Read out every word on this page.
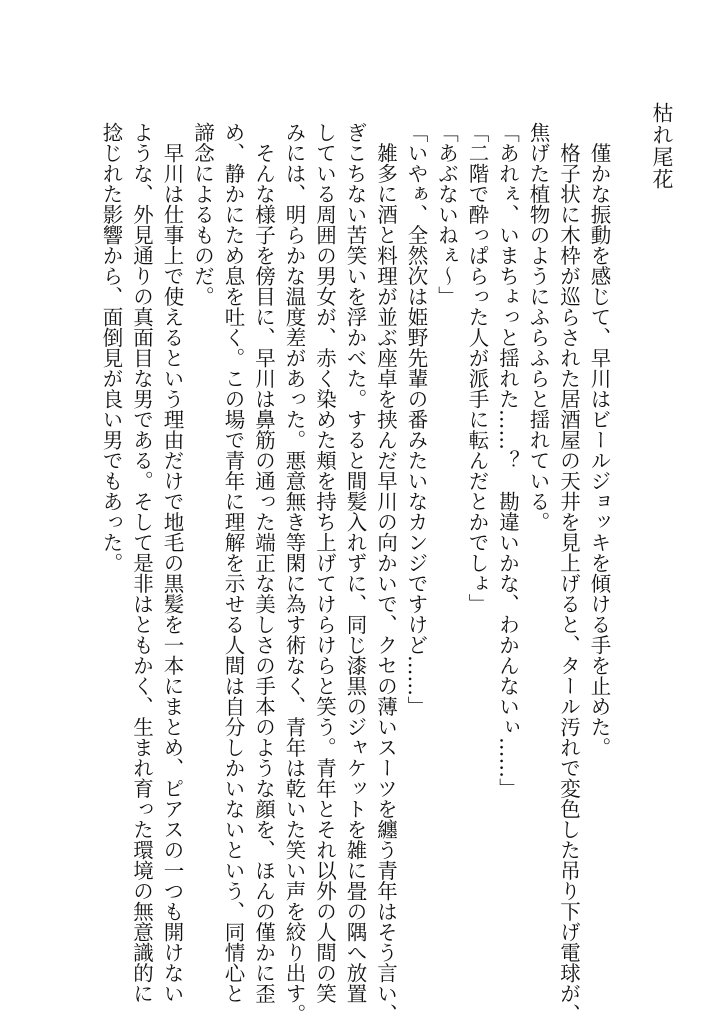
枯れ尾花
　僅かな振動を感じて、早川はビールジョッキを傾ける手を止めた。
　格子状に木枠が巡らされた居酒屋の天井を見上げると、タール汚れで変色した吊り下げ電球が、
焦げた植物のようにふらふらと揺れている。
「あれぇ、いまちょっと揺れた……？　勘違いかな、わかんないぃ……」
「二階で酔っぱらった人が派手に転んだとかでしょ」
「あぶないねぇ～」
「いやぁ、全然次は姫野先輩の番みたいなカンジですけど……」
　雑多に酒と料理が並ぶ座卓を挟んだ早川の向かいで、クセの薄いスーツを纏う青年はそう言い、
ぎこちない苦笑いを浮かべた。すると間髪入れずに、同じ漆黒のジャケットを雑に畳の隅へ放置
している周囲の男女が、赤く染めた頬を持ち上げてけらけらと笑う。青年とそれ以外の人間の笑
みには、明らかな温度差があった。悪意無き等閑に為す術なく、青年は乾いた笑い声を絞り出す。
　そんな様子を傍目に、早川は鼻筋の通った端正な美しさの手本のような顔を、ほんの僅かに歪
め、静かにため息を吐く。この場で青年に理解を示せる人間は自分しかいないという、同情心と
諦念によるものだ。
　早川は仕事上で使えるという理由だけで地毛の黒髪を一本にまとめ、ピアスの一つも開けない
ような、外見通りの真面目な男である。そして是非はともかく、生まれ育った環境の無意識的に
捻じれた影響から、面倒見が良い男でもあった。
